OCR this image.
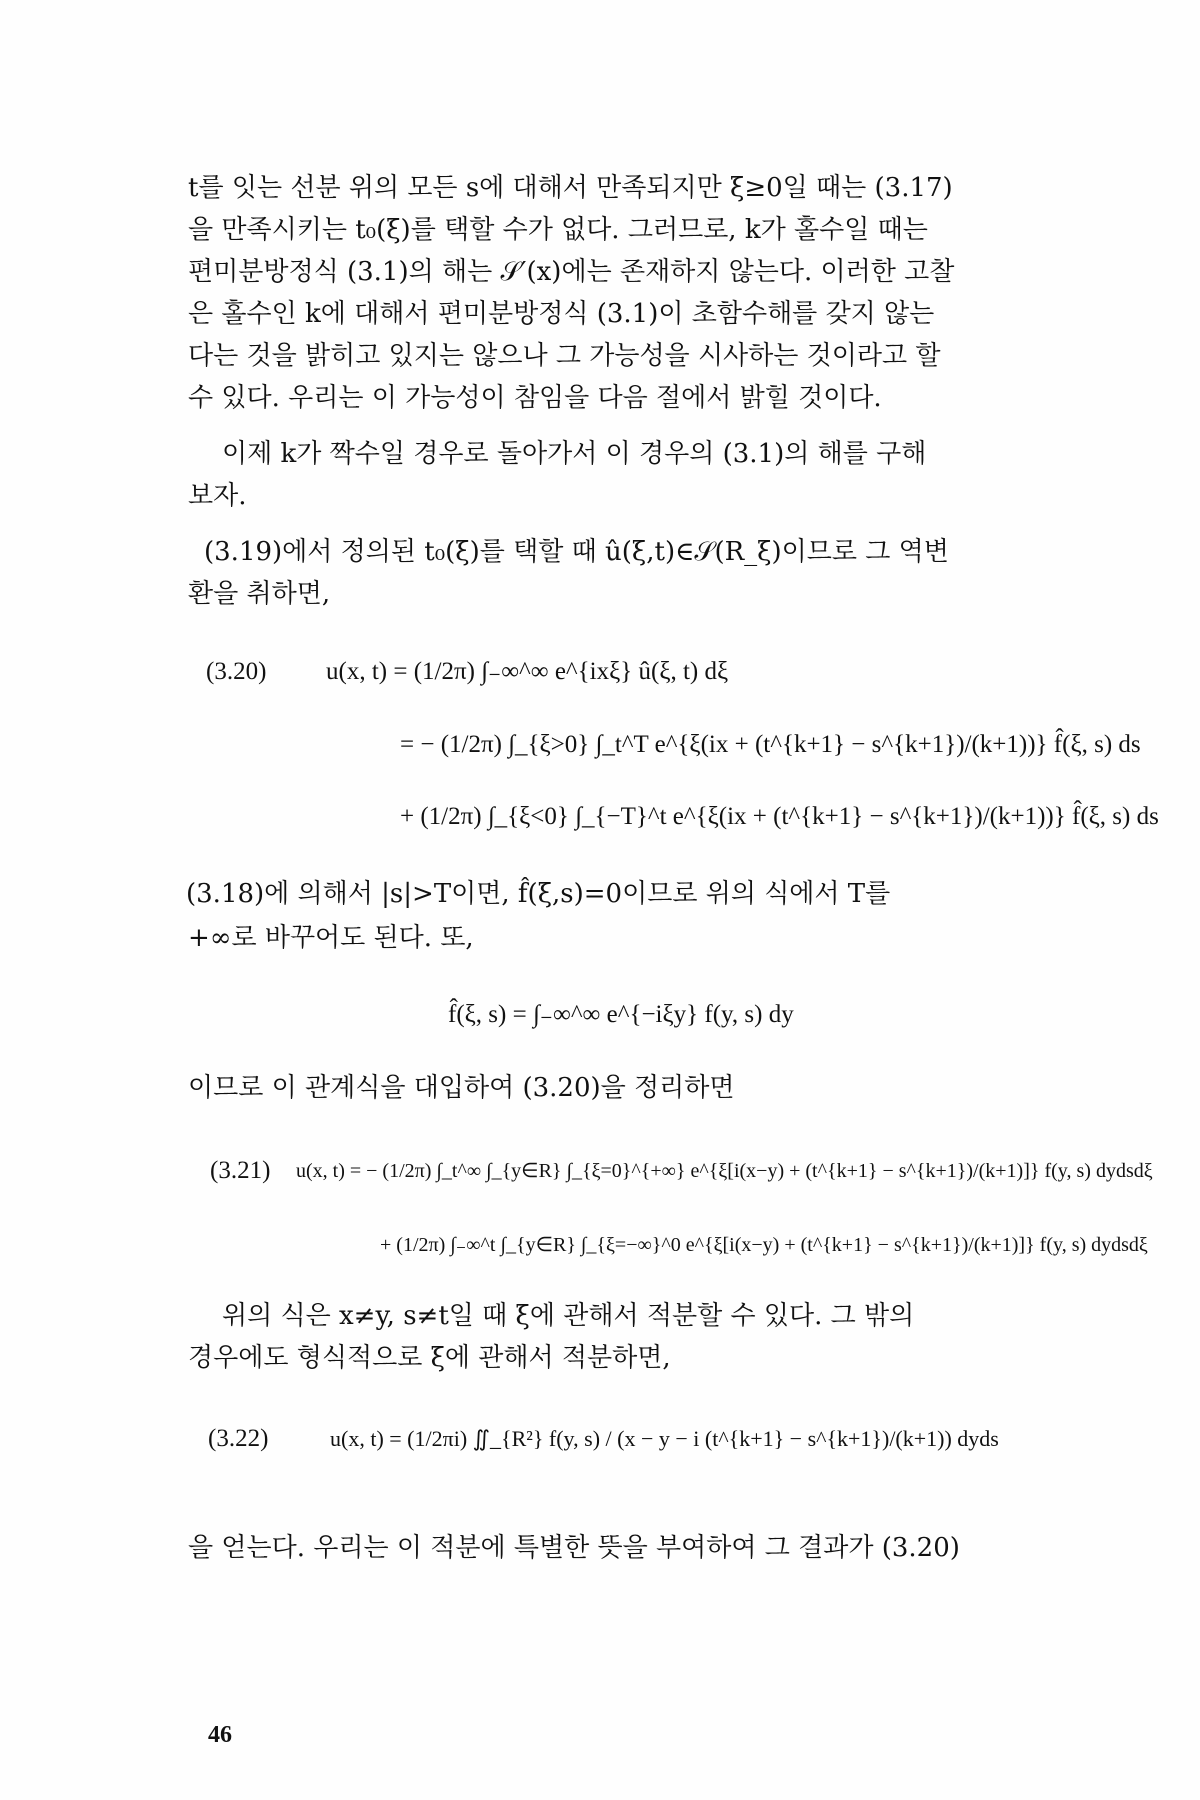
t를 잇는 선분 위의 모든 s에 대해서 만족되지만 ξ≥0일 때는 (3.17)
을 만족시키는 t₀(ξ)를 택할 수가 없다. 그러므로, k가 홀수일 때는
편미분방정식 (3.1)의 해는 𝒮′(x)에는 존재하지 않는다. 이러한 고찰
은 홀수인 k에 대해서 편미분방정식 (3.1)이 초함수해를 갖지 않는
다는 것을 밝히고 있지는 않으나 그 가능성을 시사하는 것이라고 할
수 있다. 우리는 이 가능성이 참임을 다음 절에서 밝힐 것이다.
이제 k가 짝수일 경우로 돌아가서 이 경우의 (3.1)의 해를 구해
보자.
(3.19)에서 정의된 t₀(ξ)를 택할 때 û(ξ,t)∈𝒮(R_ξ)이므로 그 역변
환을 취하면,
(3.20) u(x, t) = (1/2π) ∫₋∞^∞ e^{ixξ} û(ξ, t) dξ
= − (1/2π) ∫_{ξ>0} ∫_t^T e^{ξ(ix + (t^{k+1} − s^{k+1})/(k+1))} f̂(ξ, s) ds
+ (1/2π) ∫_{ξ<0} ∫_{−T}^t e^{ξ(ix + (t^{k+1} − s^{k+1})/(k+1))} f̂(ξ, s) ds
(3.18)에 의해서 |s|>T이면, f̂(ξ,s)=0이므로 위의 식에서 T를
+∞로 바꾸어도 된다. 또,
f̂(ξ, s) = ∫₋∞^∞ e^{−iξy} f(y, s) dy
이므로 이 관계식을 대입하여 (3.20)을 정리하면
(3.21) u(x, t) = − (1/2π) ∫_t^∞ ∫_{y∈R} ∫_{ξ=0}^{+∞} e^{ξ[i(x−y) + (t^{k+1} − s^{k+1})/(k+1)]} f(y, s) dydsdξ
+ (1/2π) ∫₋∞^t ∫_{y∈R} ∫_{ξ=−∞}^0 e^{ξ[i(x−y) + (t^{k+1} − s^{k+1})/(k+1)]} f(y, s) dydsdξ
위의 식은 x≠y, s≠t일 때 ξ에 관해서 적분할 수 있다. 그 밖의
경우에도 형식적으로 ξ에 관해서 적분하면,
(3.22)	u(x, t) = (1/2πi) ∬_{R²} f(y, s) / (x − y − i (t^{k+1} − s^{k+1})/(k+1)) dyds
을 얻는다. 우리는 이 적분에 특별한 뜻을 부여하여 그 결과가 (3.20)
46
